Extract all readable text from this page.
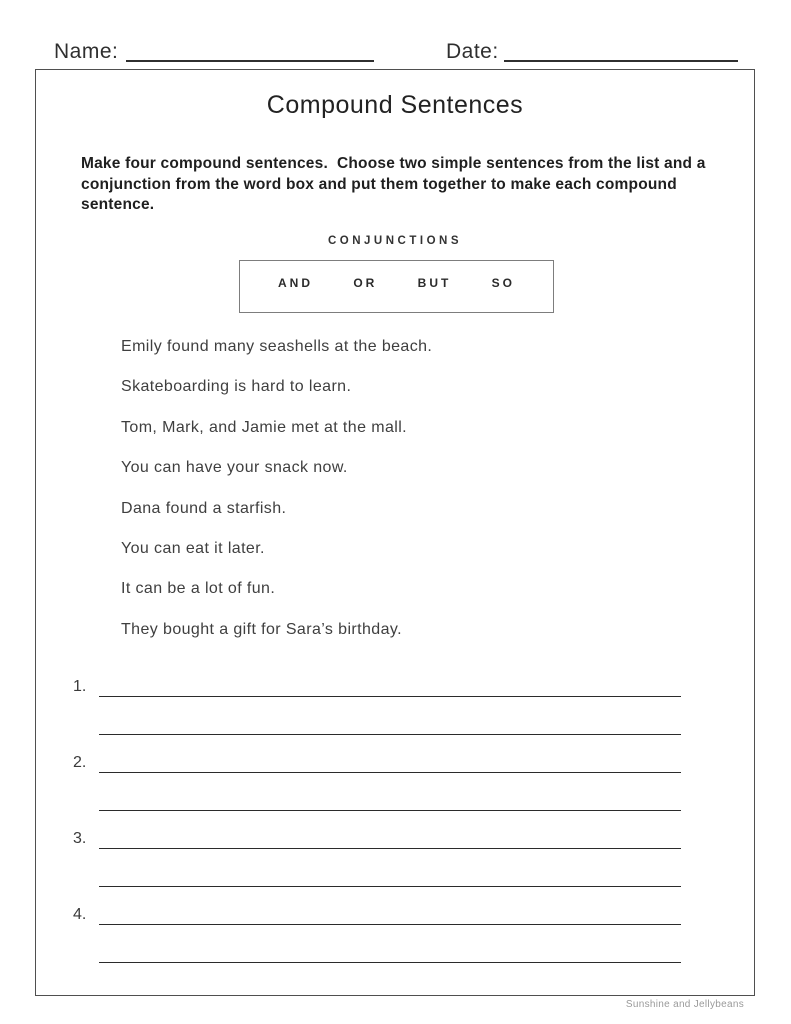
Name:	Date:
Compound Sentences
Make four compound sentences.  Choose two simple sentences from the list and a conjunction from the word box and put them together to make each compound sentence.
CONJUNCTIONS
AND	OR	BUT	SO
Emily found many seashells at the beach.
Skateboarding is hard to learn.
Tom, Mark, and Jamie met at the mall.
You can have your snack now.
Dana found a starfish.
You can eat it later.
It can be a lot of fun.
They bought a gift for Sara’s birthday.
1.
2.
3.
4.
Sunshine and Jellybeans
